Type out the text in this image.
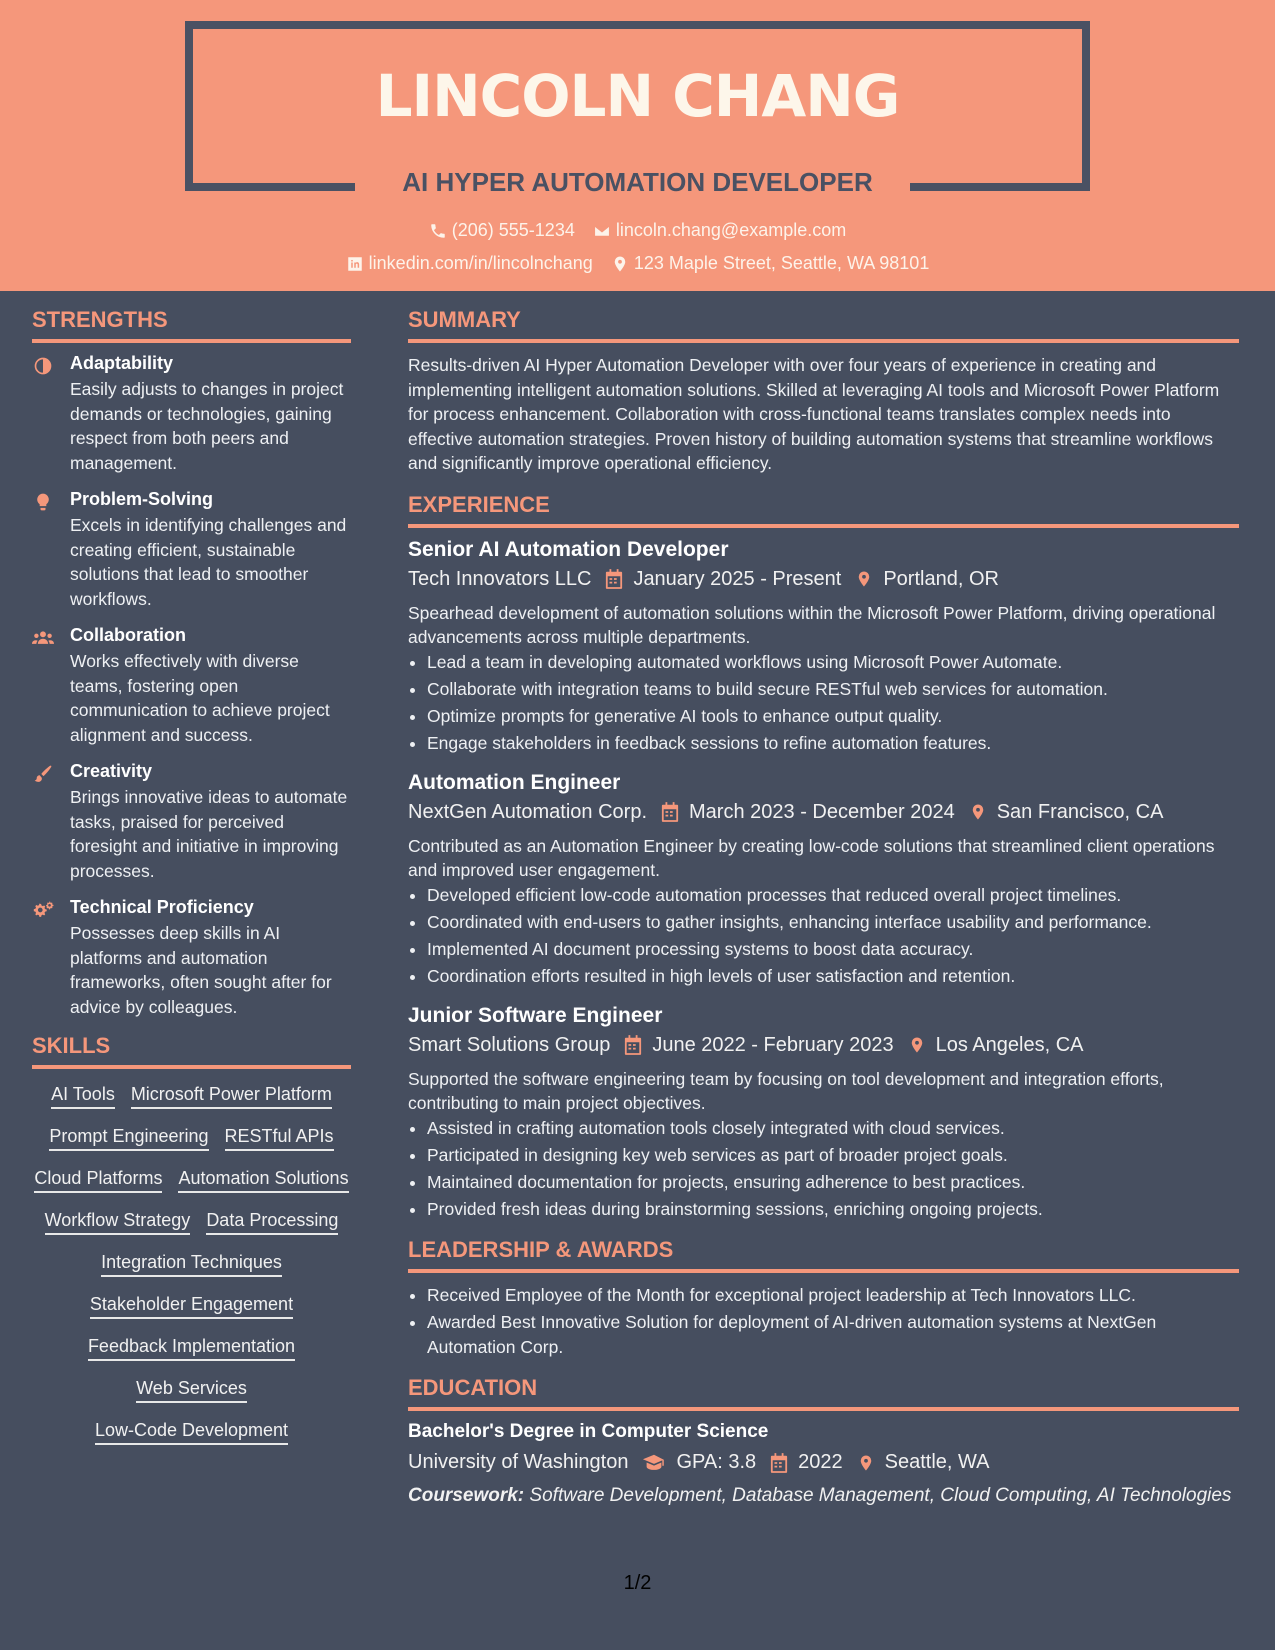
LINCOLN CHANG
AI HYPER AUTOMATION DEVELOPER
(206) 555-1234 lincoln.chang@example.com
linkedin.com/in/lincolnchang 123 Maple Street, Seattle, WA 98101
STRENGTHS
Adaptability

Easily adjusts to changes in project demands or technologies, gaining respect from both peers and management.

Problem-Solving

Excels in identifying challenges and creating efficient, sustainable solutions that lead to smoother workflows.

Collaboration

Works effectively with diverse teams, fostering open communication to achieve project alignment and success.

Creativity

Brings innovative ideas to automate tasks, praised for perceived foresight and initiative in improving processes.

Technical Proficiency

Possesses deep skills in AI platforms and automation frameworks, often sought after for advice by colleagues.

SKILLS
AI Tools Microsoft Power Platform
Prompt Engineering RESTful APIs
Cloud Platforms Automation Solutions
Workflow Strategy Data Processing
Integration Techniques
Stakeholder Engagement
Feedback Implementation
Web Services
Low-Code Development
SUMMARY

Results-driven AI Hyper Automation Developer with over four years of experience in creating and implementing intelligent automation solutions. Skilled at leveraging AI tools and Microsoft Power Platform for process enhancement. Collaboration with cross-functional teams translates complex needs into effective automation strategies. Proven history of building automation systems that streamline workflows and significantly improve operational efficiency.

EXPERIENCE
Senior AI Automation Developer
Tech Innovators LLC January 2025 - Present Portland, OR

Spearhead development of automation solutions within the Microsoft Power Platform, driving operational advancements across multiple departments.

• Lead a team in developing automated workflows using Microsoft Power Automate.
• Collaborate with integration teams to build secure RESTful web services for automation.
• Optimize prompts for generative AI tools to enhance output quality.
• Engage stakeholders in feedback sessions to refine automation features.
Automation Engineer
NextGen Automation Corp. March 2023 - December 2024 San Francisco, CA

Contributed as an Automation Engineer by creating low-code solutions that streamlined client operations and improved user engagement.

• Developed efficient low-code automation processes that reduced overall project timelines.
• Coordinated with end-users to gather insights, enhancing interface usability and performance.
• Implemented AI document processing systems to boost data accuracy.
• Coordination efforts resulted in high levels of user satisfaction and retention.
Junior Software Engineer
Smart Solutions Group June 2022 - February 2023 Los Angeles, CA

Supported the software engineering team by focusing on tool development and integration efforts, contributing to main project objectives.

• Assisted in crafting automation tools closely integrated with cloud services.
• Participated in designing key web services as part of broader project goals.
• Maintained documentation for projects, ensuring adherence to best practices.
• Provided fresh ideas during brainstorming sessions, enriching ongoing projects.
LEADERSHIP & AWARDS
• Received Employee of the Month for exceptional project leadership at Tech Innovators LLC.
• Awarded Best Innovative Solution for deployment of AI-driven automation systems at NextGen Automation Corp.
EDUCATION
Bachelor's Degree in Computer Science
University of Washington GPA: 3.8 2022 Seattle, WA

Coursework: Software Development, Database Management, Cloud Computing, AI Technologies

1/2
